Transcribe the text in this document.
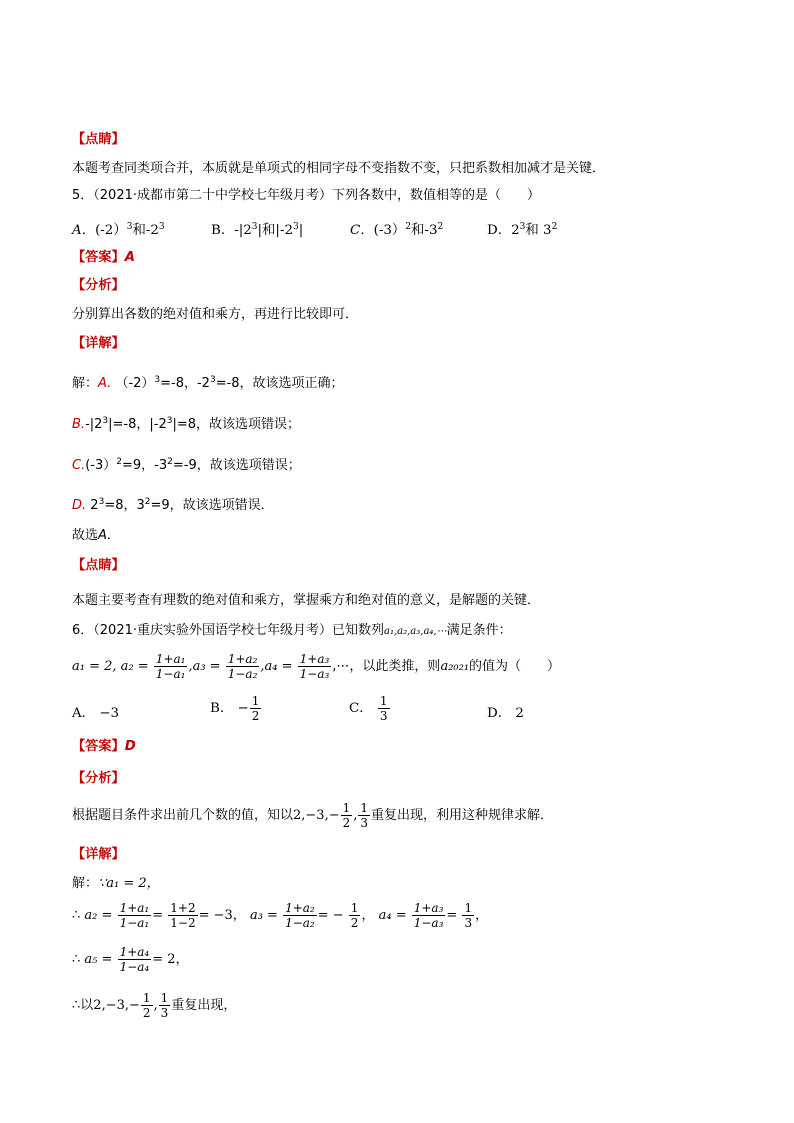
【点睛】
本题考查同类项合并，本质就是单项式的相同字母不变指数不变，只把系数相加减才是关键．
5．（2021·成都市第二十中学校七年级月考）下列各数中，数值相等的是（　　）
A．(-2）$^3$和$-2^3$	B．$-|2^3|$和$|-2^3|$	C．(-3）$^2$和$-3^2$	D．$2^3$和 $3^2$
【答案】A
【分析】
分别算出各数的绝对值和乘方，再进行比较即可．
【详解】
解：A. $(-2)^3=-8$，$-2^3=-8$，故该选项正确；
$B.-|2^3|=-8$，$|-2^3|=8$，故该选项错误；
C.(-3）$^2$=9，$-3^2=-9$，故该选项错误；
D. $2^3=8$，$3^2=9$，故该选项错误．
故选A．
【点睛】
本题主要考查有理数的绝对值和乘方，掌握乘方和绝对值的意义，是解题的关键．
6．（2021·重庆实验外国语学校七年级月考）已知数列a₁,a₂,a₃,a₄,⋯满足条件：
a₁ = 2, $a_2 = \frac{\text{1+a₁}}{\text{1−a₁}} ,a_3 = \frac{\text{1+a₂}}{\text{1−a₂}} ,a_4 = \frac{\text{1+a₃}}{\text{1−a₃}}$ ,⋯，以此类推，则a₂₀₂₁的值为（　　）
A． −3	B． − $\frac{1}{2}$	C． $\frac{1}{3}$	D． 2
【答案】D
【分析】
根据题目条件求出前几个数的值，知以$2,-3,- \frac{1}{2}$ , $\frac{1}{3}$ 重复出现，利用这种规律求解．
【详解】
解：∵a₁ = 2，
∴ $a_2 = \frac{\text{1+a₁}}{\text{1−a₁}} = \frac{1+2}{1-2} = -3$， $a_3 = \frac{\text{1+a₂}}{\text{1−a₂}}$ = − $\frac{1}{2}$ ， $a_4 = \frac{\text{1+a₃}}{\text{1−a₃}} = \frac{1}{3}$ ，
∴ $a_5 = \frac{\text{1+a₄}}{\text{1−a₄}} = 2$，
∴以$2,-3,- \frac{1}{2}$ , $\frac{1}{3}$ 重复出现，
